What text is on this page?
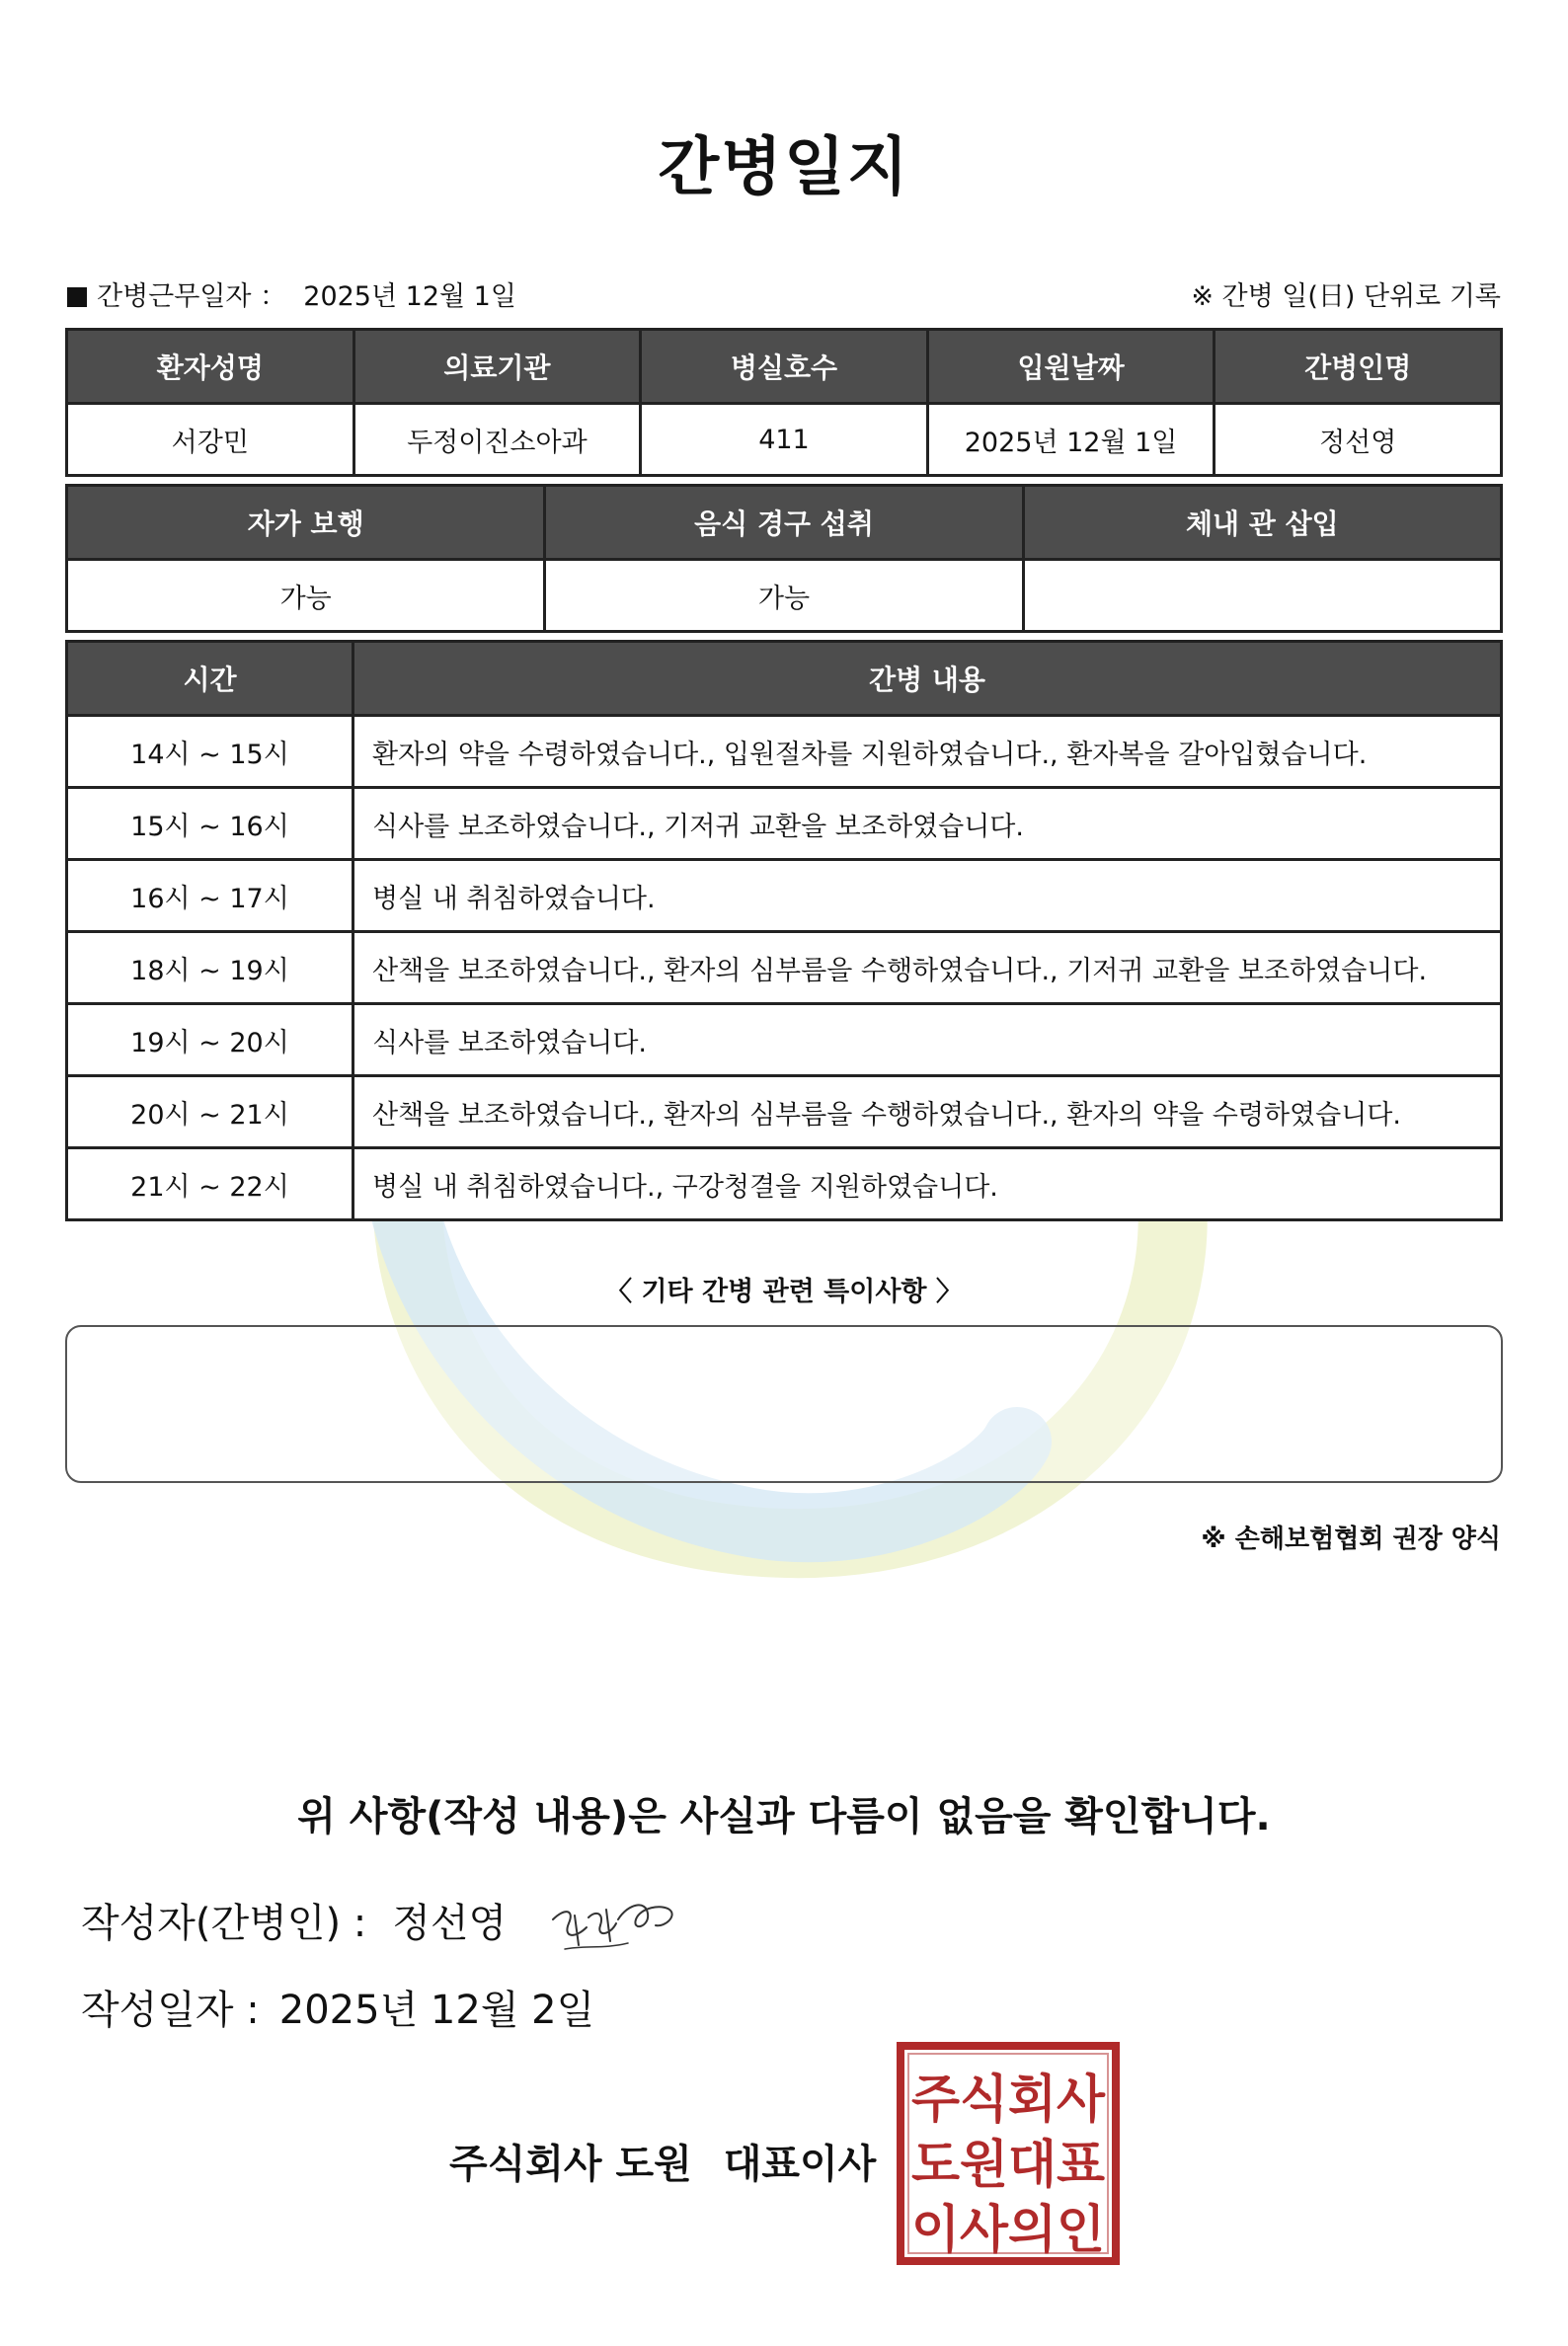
간병일지
간병근무일자 ： 2025년 12월 1일	※ 간병 일(日) 단위로 기록
환자성명	의료기관	병실호수	입원날짜	간병인명
서강민	두정이진소아과	411	2025년 12월 1일	정선영
자가 보행	음식 경구 섭취	체내 관 삽입
가능	가능	
시간	간병 내용
14시 ~ 15시	환자의 약을 수령하였습니다., 입원절차를 지원하였습니다., 환자복을 갈아입혔습니다.
15시 ~ 16시	식사를 보조하였습니다., 기저귀 교환을 보조하였습니다.
16시 ~ 17시	병실 내 취침하였습니다.
18시 ~ 19시	산책을 보조하였습니다., 환자의 심부름을 수행하였습니다., 기저귀 교환을 보조하였습니다.
19시 ~ 20시	식사를 보조하였습니다.
20시 ~ 21시	산책을 보조하였습니다., 환자의 심부름을 수행하였습니다., 환자의 약을 수령하였습니다.
21시 ~ 22시	병실 내 취침하였습니다., 구강청결을 지원하였습니다.
〈 기타 간병 관련 특이사항 〉
※ 손해보험협회 권장 양식
위 사항(작성 내용)은 사실과 다름이 없음을 확인합니다.
작성자(간병인) : 정선영
작성일자 : 2025년 12월 2일
주식회사 도원 대표이사
주식회사
도원대표
이사의인
